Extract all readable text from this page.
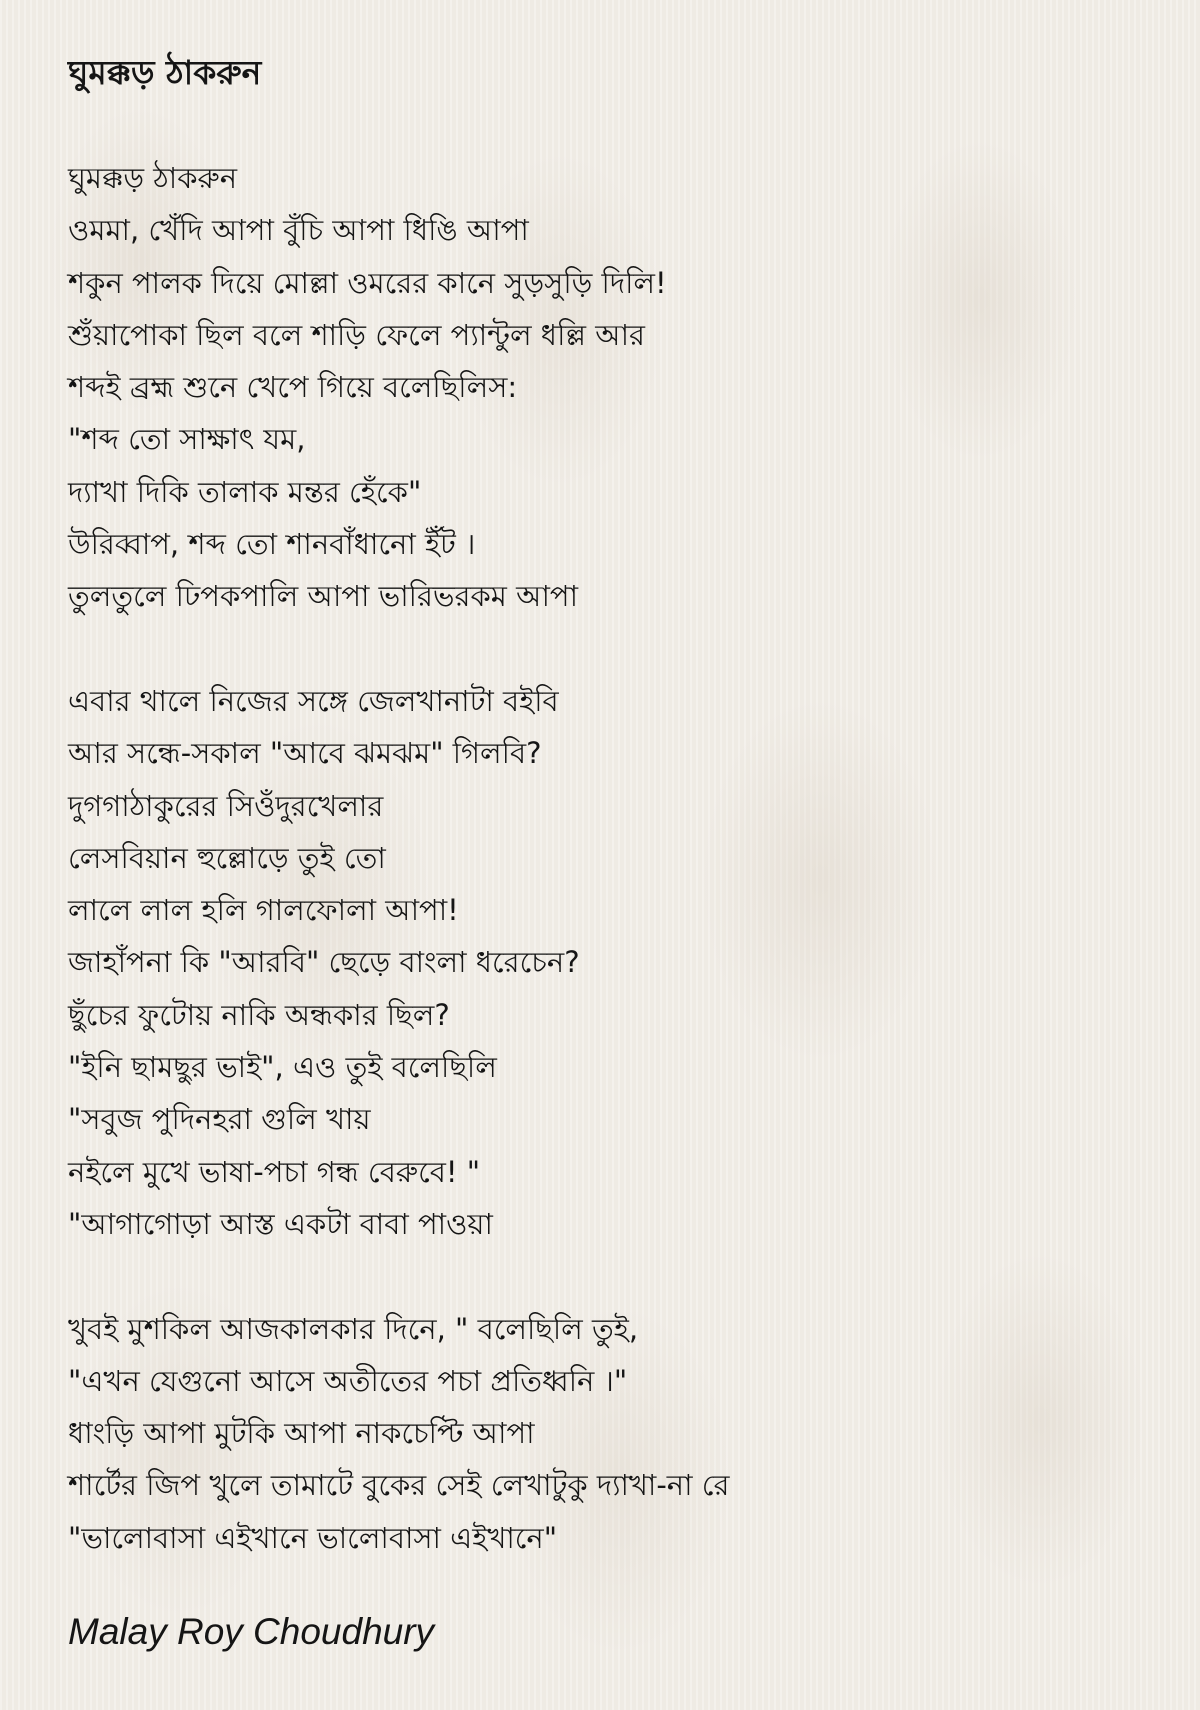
ঘুমক্কড় ঠাকরুন
ঘুমক্কড় ঠাকরুন
ওমমা, খেঁদি আপা বুঁচি আপা ধিঙি আপা
শকুন পালক দিয়ে মোল্লা ওমরের কানে সুড়সুড়ি দিলি!
শুঁয়াপোকা ছিল বলে শাড়ি ফেলে প্যান্টুল ধল্লি আর
শব্দই ব্রহ্ম শুনে খেপে গিয়ে বলেছিলিস:
"শব্দ তো সাক্ষাৎ যম,
দ্যাখা দিকি তালাক মন্তর হেঁকে"
উরিব্বাপ, শব্দ তো শানবাঁধানো ইঁট ।
তুলতুলে ঢিপকপালি আপা ভারিভরকম আপা
এবার থালে নিজের সঙ্গে জেলখানাটা বইবি
আর সন্ধে-সকাল "আবে ঝমঝম" গিলবি?
দুগগাঠাকুরের সিওঁদুরখেলার
লেসবিয়ান হুল্লোড়ে তুই তো
লালে লাল হলি গালফোলা আপা!
জাহাঁপনা কি "আরবি" ছেড়ে বাংলা ধরেচেন?
ছুঁচের ফুটোয় নাকি অন্ধকার ছিল?
"ইনি ছামছুর ভাই", এও তুই বলেছিলি
"সবুজ পুদিনহরা গুলি খায়
নইলে মুখে ভাষা-পচা গন্ধ বেরুবে! "
"আগাগোড়া আস্ত একটা বাবা পাওয়া
খুবই মুশকিল আজকালকার দিনে, " বলেছিলি তুই,
"এখন যেগুনো আসে অতীতের পচা প্রতিধ্বনি ।"
ধাংড়ি আপা মুটকি আপা নাকচেপ্টি আপা
শার্টের জিপ খুলে তামাটে বুকের সেই লেখাটুকু দ্যাখা-না রে
"ভালোবাসা এইখানে ভালোবাসা এইখানে"

Malay Roy Choudhury
